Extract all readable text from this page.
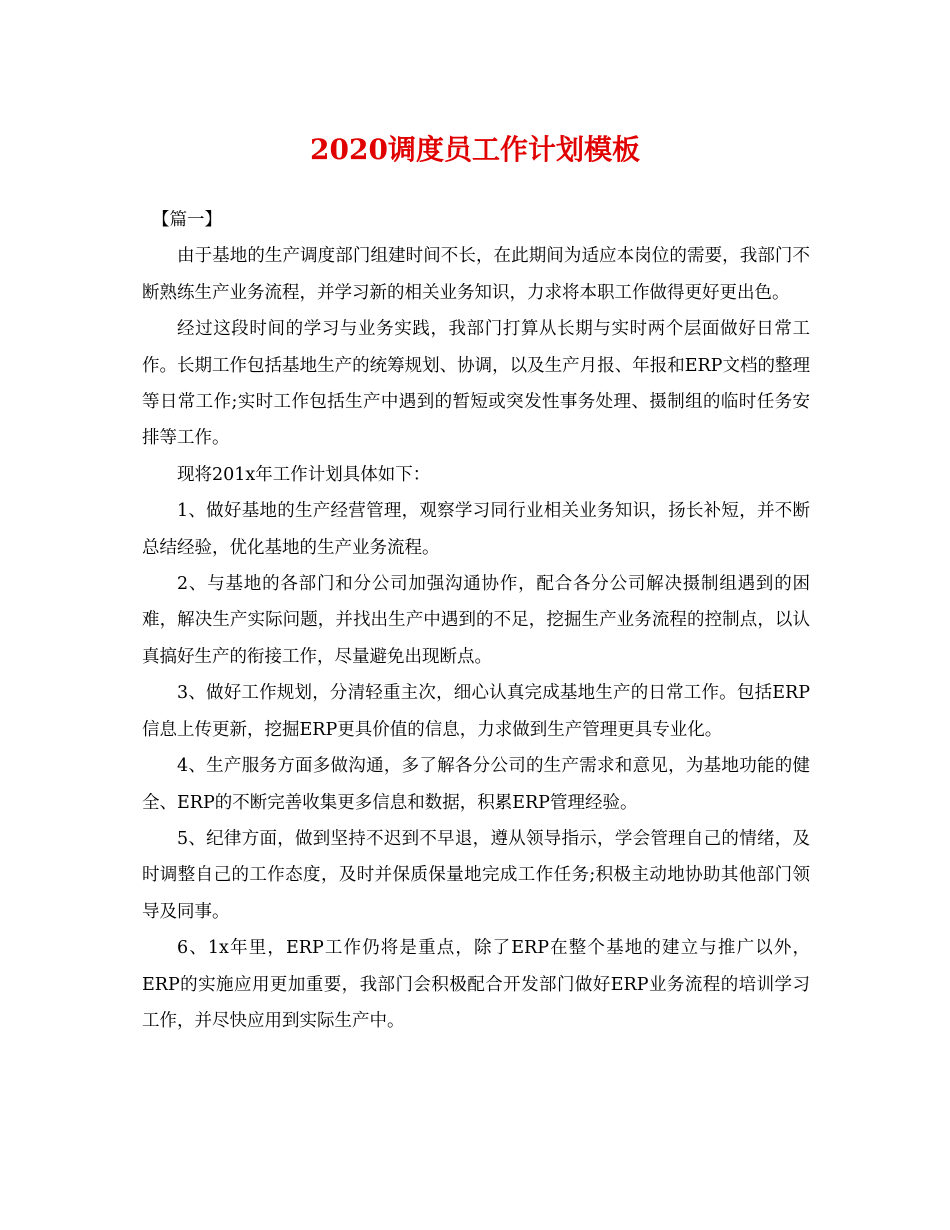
2020调度员工作计划模板

【篇一】

由于基地的生产调度部门组建时间不长，在此期间为适应本岗位的需要，我部门不断熟练生产业务流程，并学习新的相关业务知识，力求将本职工作做得更好更出色。

经过这段时间的学习与业务实践，我部门打算从长期与实时两个层面做好日常工作。长期工作包括基地生产的统筹规划、协调，以及生产月报、年报和ERP文档的整理等日常工作;实时工作包括生产中遇到的暂短或突发性事务处理、摄制组的临时任务安排等工作。

现将201x年工作计划具体如下：

1、做好基地的生产经营管理，观察学习同行业相关业务知识，扬长补短，并不断总结经验，优化基地的生产业务流程。

2、与基地的各部门和分公司加强沟通协作，配合各分公司解决摄制组遇到的困难，解决生产实际问题，并找出生产中遇到的不足，挖掘生产业务流程的控制点，以认真搞好生产的衔接工作，尽量避免出现断点。

3、做好工作规划，分清轻重主次，细心认真完成基地生产的日常工作。包括ERP信息上传更新，挖掘ERP更具价值的信息，力求做到生产管理更具专业化。

4、生产服务方面多做沟通，多了解各分公司的生产需求和意见，为基地功能的健全、ERP的不断完善收集更多信息和数据，积累ERP管理经验。

5、纪律方面，做到坚持不迟到不早退，遵从领导指示，学会管理自己的情绪，及时调整自己的工作态度，及时并保质保量地完成工作任务;积极主动地协助其他部门领导及同事。

6、1x年里，ERP工作仍将是重点，除了ERP在整个基地的建立与推广以外，ERP的实施应用更加重要，我部门会积极配合开发部门做好ERP业务流程的培训学习工作，并尽快应用到实际生产中。
